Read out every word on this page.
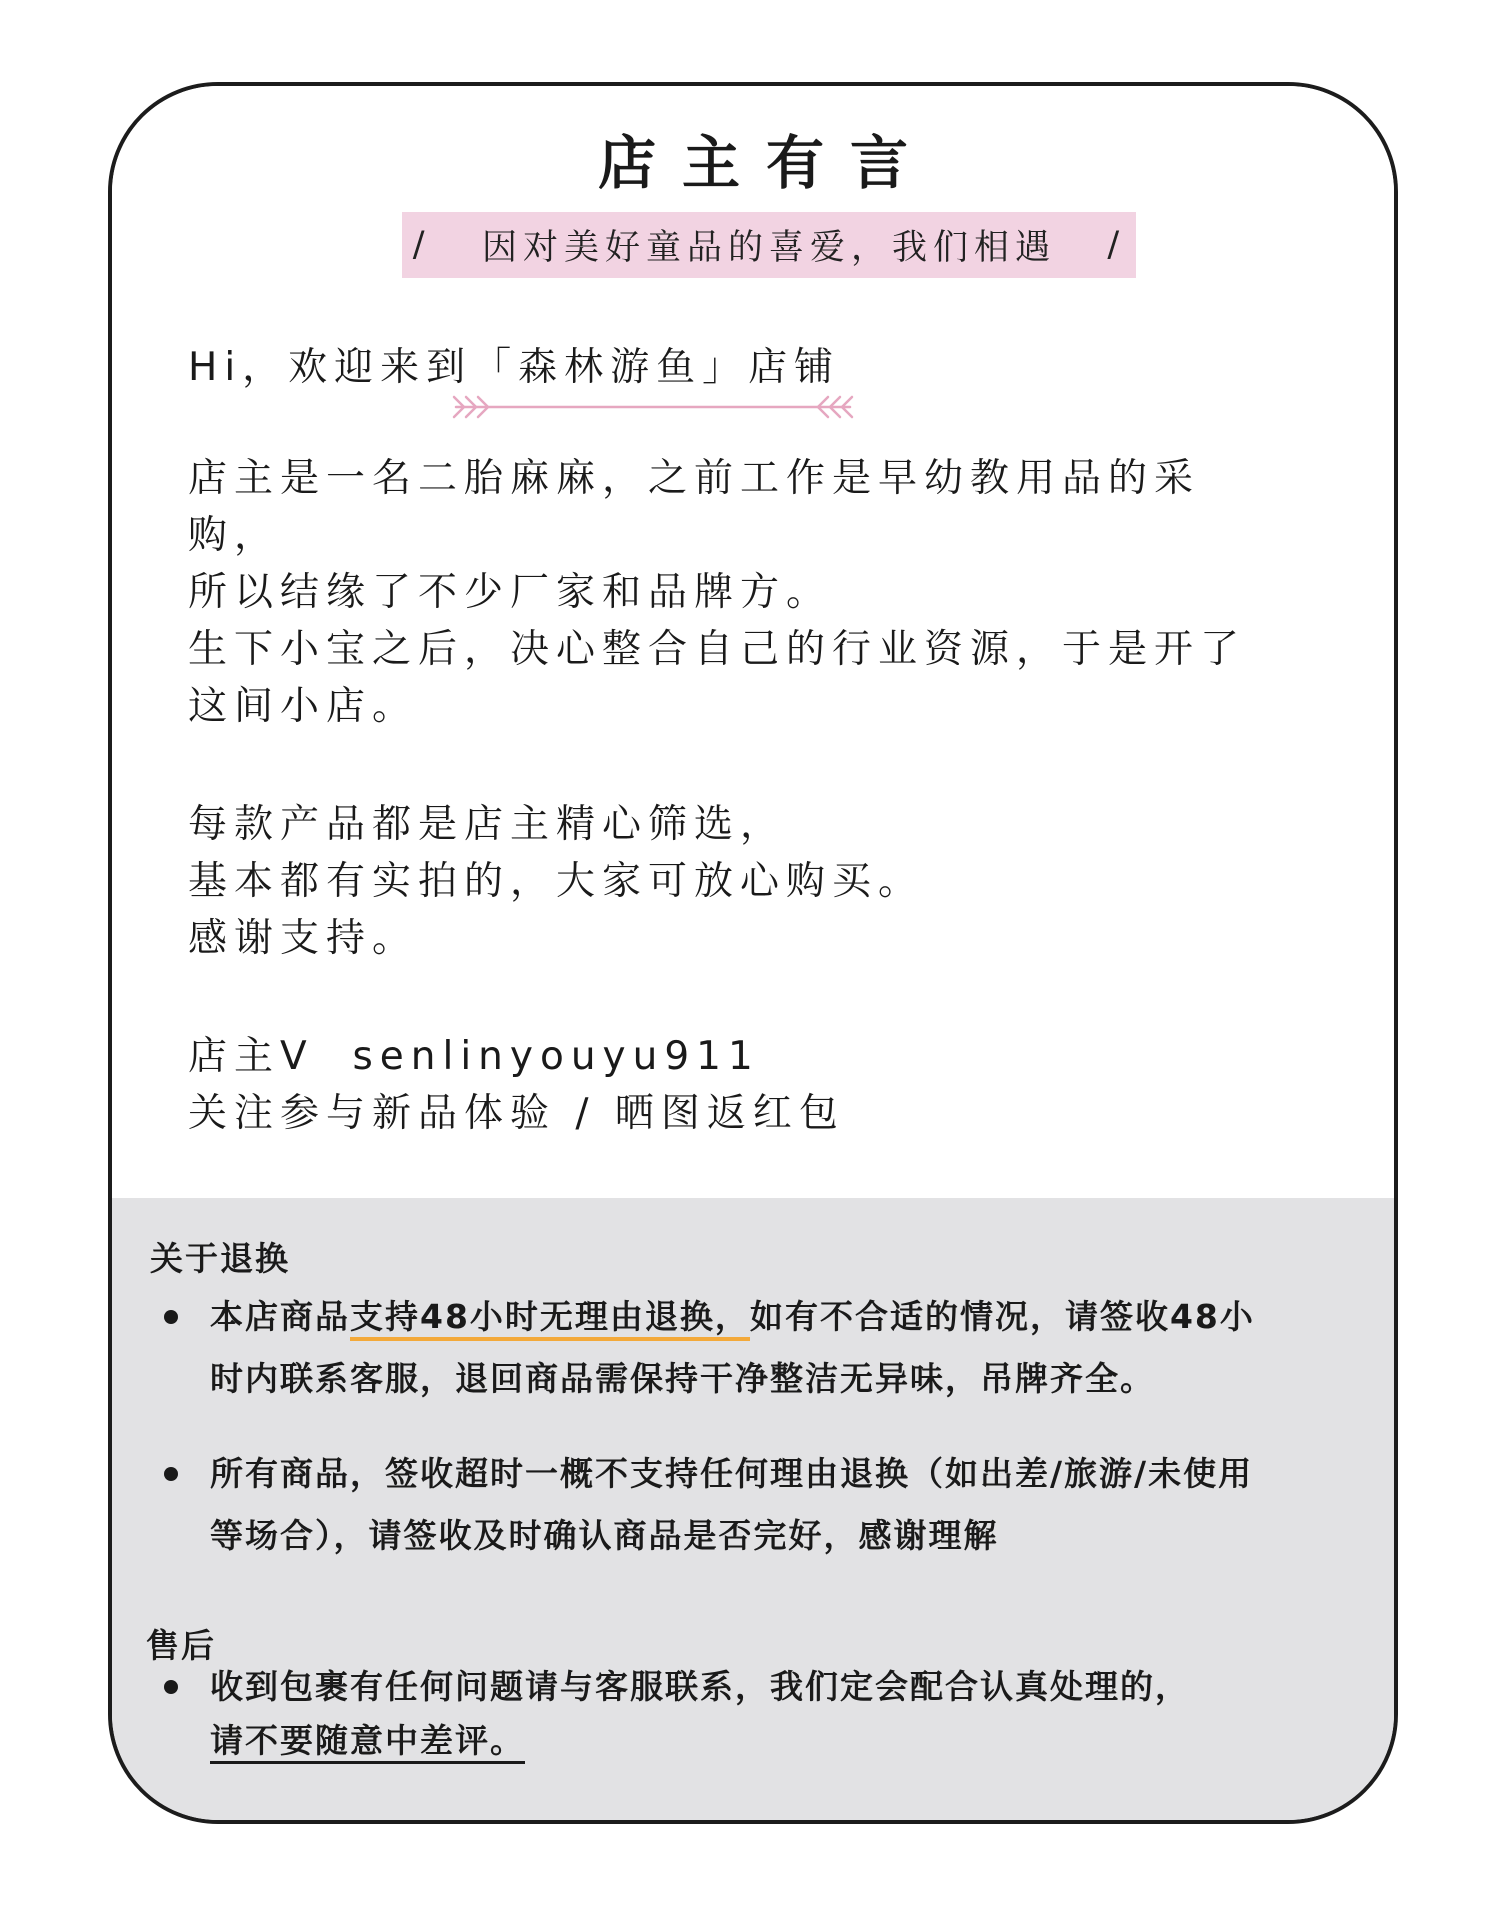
店主有言
/
因对美好童品的喜爱，我们相遇
/
Hi，欢迎来到「森林游鱼」店铺
店主是一名二胎麻麻，之前工作是早幼教用品的采
购，
所以结缘了不少厂家和品牌方。
生下小宝之后，决心整合自己的行业资源，于是开了
这间小店。
每款产品都是店主精心筛选，
基本都有实拍的，大家可放心购买。
感谢支持。
店主V  senlinyouyu911
关注参与新品体验 / 晒图返红包
关于退换
本店商品支持48小时无理由退换，如有不合适的情况，请签收48小
时内联系客服，退回商品需保持干净整洁无异味，吊牌齐全。
所有商品，签收超时一概不支持任何理由退换（如出差/旅游/未使用
等场合），请签收及时确认商品是否完好，感谢理解
售后
收到包裹有任何问题请与客服联系，我们定会配合认真处理的，
请不要随意中差评。
